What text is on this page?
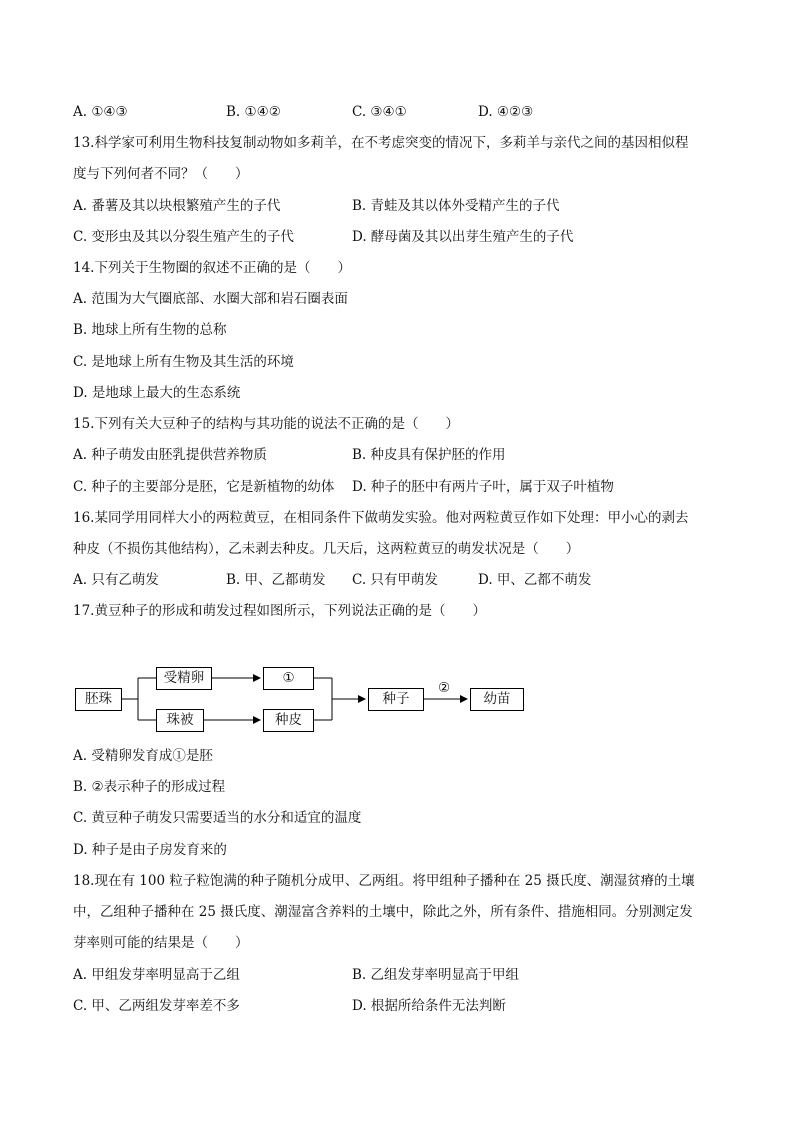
A. ①④③	B. ①④②	C. ③④①	D. ④②③
13.科学家可利用生物科技复制动物如多莉羊，在不考虑突变的情况下，多莉羊与亲代之间的基因相似程
度与下列何者不同？（　　）
A. 番薯及其以块根繁殖产生的子代	B. 青蛙及其以体外受精产生的子代
C. 变形虫及其以分裂生殖产生的子代	D. 酵母菌及其以出芽生殖产生的子代
14.下列关于生物圈的叙述不正确的是（　　）
A. 范围为大气圈底部、水圈大部和岩石圈表面
B. 地球上所有生物的总称
C. 是地球上所有生物及其生活的环境
D. 是地球上最大的生态系统
15.下列有关大豆种子的结构与其功能的说法不正确的是（　　）
A. 种子萌发由胚乳提供营养物质	B. 种皮具有保护胚的作用
C. 种子的主要部分是胚，它是新植物的幼体 D. 种子的胚中有两片子叶，属于双子叶植物
16.某同学用同样大小的两粒黄豆，在相同条件下做萌发实验。他对两粒黄豆作如下处理：甲小心的剥去
种皮（不损伤其他结构），乙未剥去种皮。几天后，这两粒黄豆的萌发状况是（　　）
A. 只有乙萌发	B. 甲、乙都萌发 C. 只有甲萌发	D. 甲、乙都不萌发
17.黄豆种子的形成和萌发过程如图所示，下列说法正确的是（　　）
胚珠
受精卵
珠被
①
种皮
种子
②
幼苗
A. 受精卵发育成①是胚
B. ②表示种子的形成过程
C. 黄豆种子萌发只需要适当的水分和适宜的温度
D. 种子是由子房发育来的
18.现在有 100 粒子粒饱满的种子随机分成甲、乙两组。将甲组种子播种在 25 摄氏度、潮湿贫瘠的土壤
中，乙组种子播种在 25 摄氏度、潮湿富含养料的土壤中，除此之外，所有条件、措施相同。分别测定发
芽率则可能的结果是（　　）
A. 甲组发芽率明显高于乙组	B. 乙组发芽率明显高于甲组
C. 甲、乙两组发芽率差不多	D. 根据所给条件无法判断
